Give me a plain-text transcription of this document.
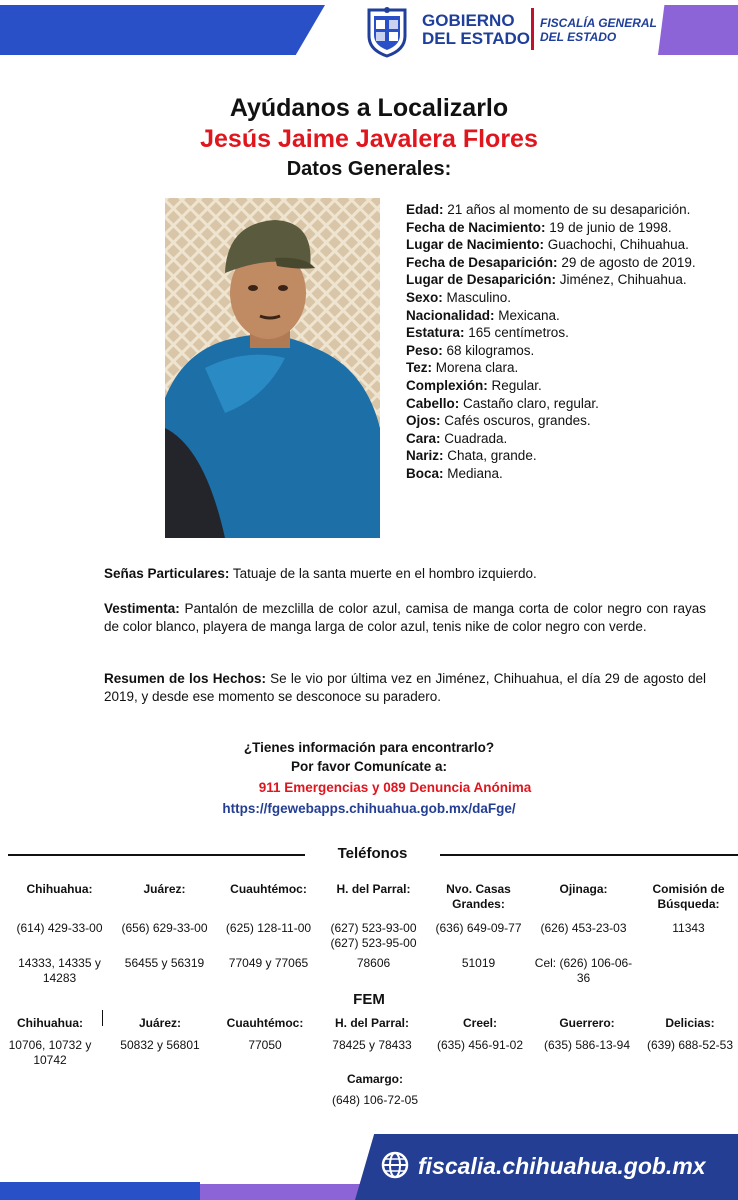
GOBIERNO
DEL ESTADO
FISCALÍA GENERAL
DEL ESTADO
Ayúdanos a Localizarlo
Jesús Jaime Javalera Flores
Datos Generales:
Edad: 21 años al momento de su desaparición.
Fecha de Nacimiento: 19 de junio de 1998.
Lugar de Nacimiento: Guachochi, Chihuahua.
Fecha de Desaparición: 29 de agosto de 2019.
Lugar de Desaparición: Jiménez, Chihuahua.
Sexo: Masculino.
Nacionalidad: Mexicana.
Estatura: 165 centímetros.
Peso: 68 kilogramos.
Tez: Morena clara.
Complexión: Regular.
Cabello: Castaño claro, regular.
Ojos: Cafés oscuros, grandes.
Cara: Cuadrada.
Nariz: Chata, grande.
Boca: Mediana.
Señas Particulares: Tatuaje de la santa muerte en el hombro izquierdo.
Vestimenta: Pantalón de mezclilla de color azul, camisa de manga corta de color negro con rayas de color blanco, playera de manga larga de color azul, tenis nike de color negro con verde.
Resumen de los Hechos: Se le vio por última vez en Jiménez, Chihuahua, el día 29 de agosto del 2019, y desde ese momento se desconoce su paradero.
¿Tienes información para encontrarlo?
Por favor Comunícate a:
911 Emergencias y 089 Denuncia Anónima
https://fgewebapps.chihuahua.gob.mx/daFge/
Teléfonos
FEM
Camargo:
(648) 106-72-05
fiscalia.chihuahua.gob.mx
Chihuahua:
(614) 429-33-00
14333, 14335 y 14283
Juárez:
(656) 629-33-00
56455 y 56319
Cuauhtémoc:
(625) 128-11-00
77049 y 77065
H. del Parral:
(627) 523-93-00 (627) 523-95-00
78606
Nvo. Casas Grandes:
(636) 649-09-77
51019
Ojinaga:
(626) 453-23-03
Cel: (626) 106-06-36
Comisión de Búsqueda:
11343
Chihuahua:
10706, 10732 y 10742
Juárez:
50832 y 56801
Cuauhtémoc:
77050
H. del Parral:
78425 y 78433
Creel:
(635) 456-91-02
Guerrero:
(635) 586-13-94
Delicias:
(639) 688-52-53
